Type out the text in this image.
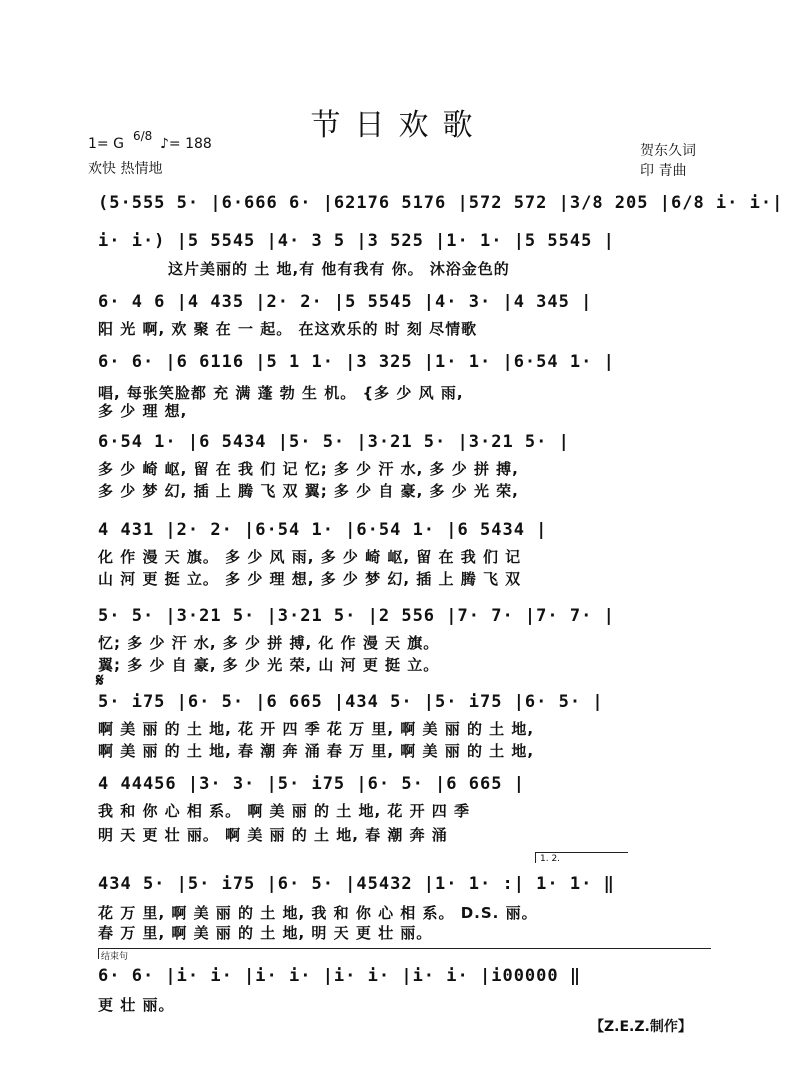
节日欢歌
1= G 6/8 ♪= 188
欢快 热情地
贺东久词
印 青曲
(5·555 5· |6·666 6· |62176 5176 |572 572 |3/8 205 |6/8 i· i·|
i· i·) |5 5545 |4· 3 5 |3 525 |1· 1· |5 5545 |
这片美丽的 土 地,有 他有我有 你。 沐浴金色的
6· 4 6 |4 435 |2· 2· |5 5545 |4· 3· |4 345 |
阳 光 啊, 欢 聚 在 一 起。 在这欢乐的 时 刻 尽情歌
6· 6· |6 6116 |5 1 1· |3 325 |1· 1· |6·54 1· |
唱, 每张笑脸都 充 满 蓬 勃 生 机。 {多 少 风 雨,
多 少 理 想,
6·54 1· |6 5434 |5· 5· |3·21 5· |3·21 5· |
多 少 崎 岖, 留 在 我 们 记 忆; 多 少 汗 水, 多 少 拼 搏,
多 少 梦 幻, 插 上 腾 飞 双 翼; 多 少 自 豪, 多 少 光 荣,
4 431 |2· 2· |6·54 1· |6·54 1· |6 5434 |
化 作 漫 天 旗。 多 少 风 雨, 多 少 崎 岖, 留 在 我 们 记
山 河 更 挺 立。 多 少 理 想, 多 少 梦 幻, 插 上 腾 飞 双
5· 5· |3·21 5· |3·21 5· |2 556 |7· 7· |7· 7· |
忆; 多 少 汗 水, 多 少 拼 搏, 化 作 漫 天 旗。
翼; 多 少 自 豪, 多 少 光 荣, 山 河 更 挺 立。
𝄋
5· i75 |6· 5· |6 665 |434 5· |5· i75 |6· 5· |
啊 美 丽 的 土 地, 花 开 四 季 花 万 里, 啊 美 丽 的 土 地,
啊 美 丽 的 土 地, 春 潮 奔 涌 春 万 里, 啊 美 丽 的 土 地,
4 44456 |3· 3· |5· i75 |6· 5· |6 665 |
我 和 你 心 相 系。 啊 美 丽 的 土 地, 花 开 四 季
明 天 更 壮 丽。 啊 美 丽 的 土 地, 春 潮 奔 涌
1. 2.
434 5· |5· i75 |6· 5· |45432 |1· 1· :| 1· 1· ‖
花 万 里, 啊 美 丽 的 土 地, 我 和 你 心 相 系。 D.S. 丽。
春 万 里, 啊 美 丽 的 土 地, 明 天 更 壮 丽。
结束句
6· 6· |i· i· |i· i· |i· i· |i· i· |i00000 ‖
更 壮 丽。
【Z.E.Z.制作】
